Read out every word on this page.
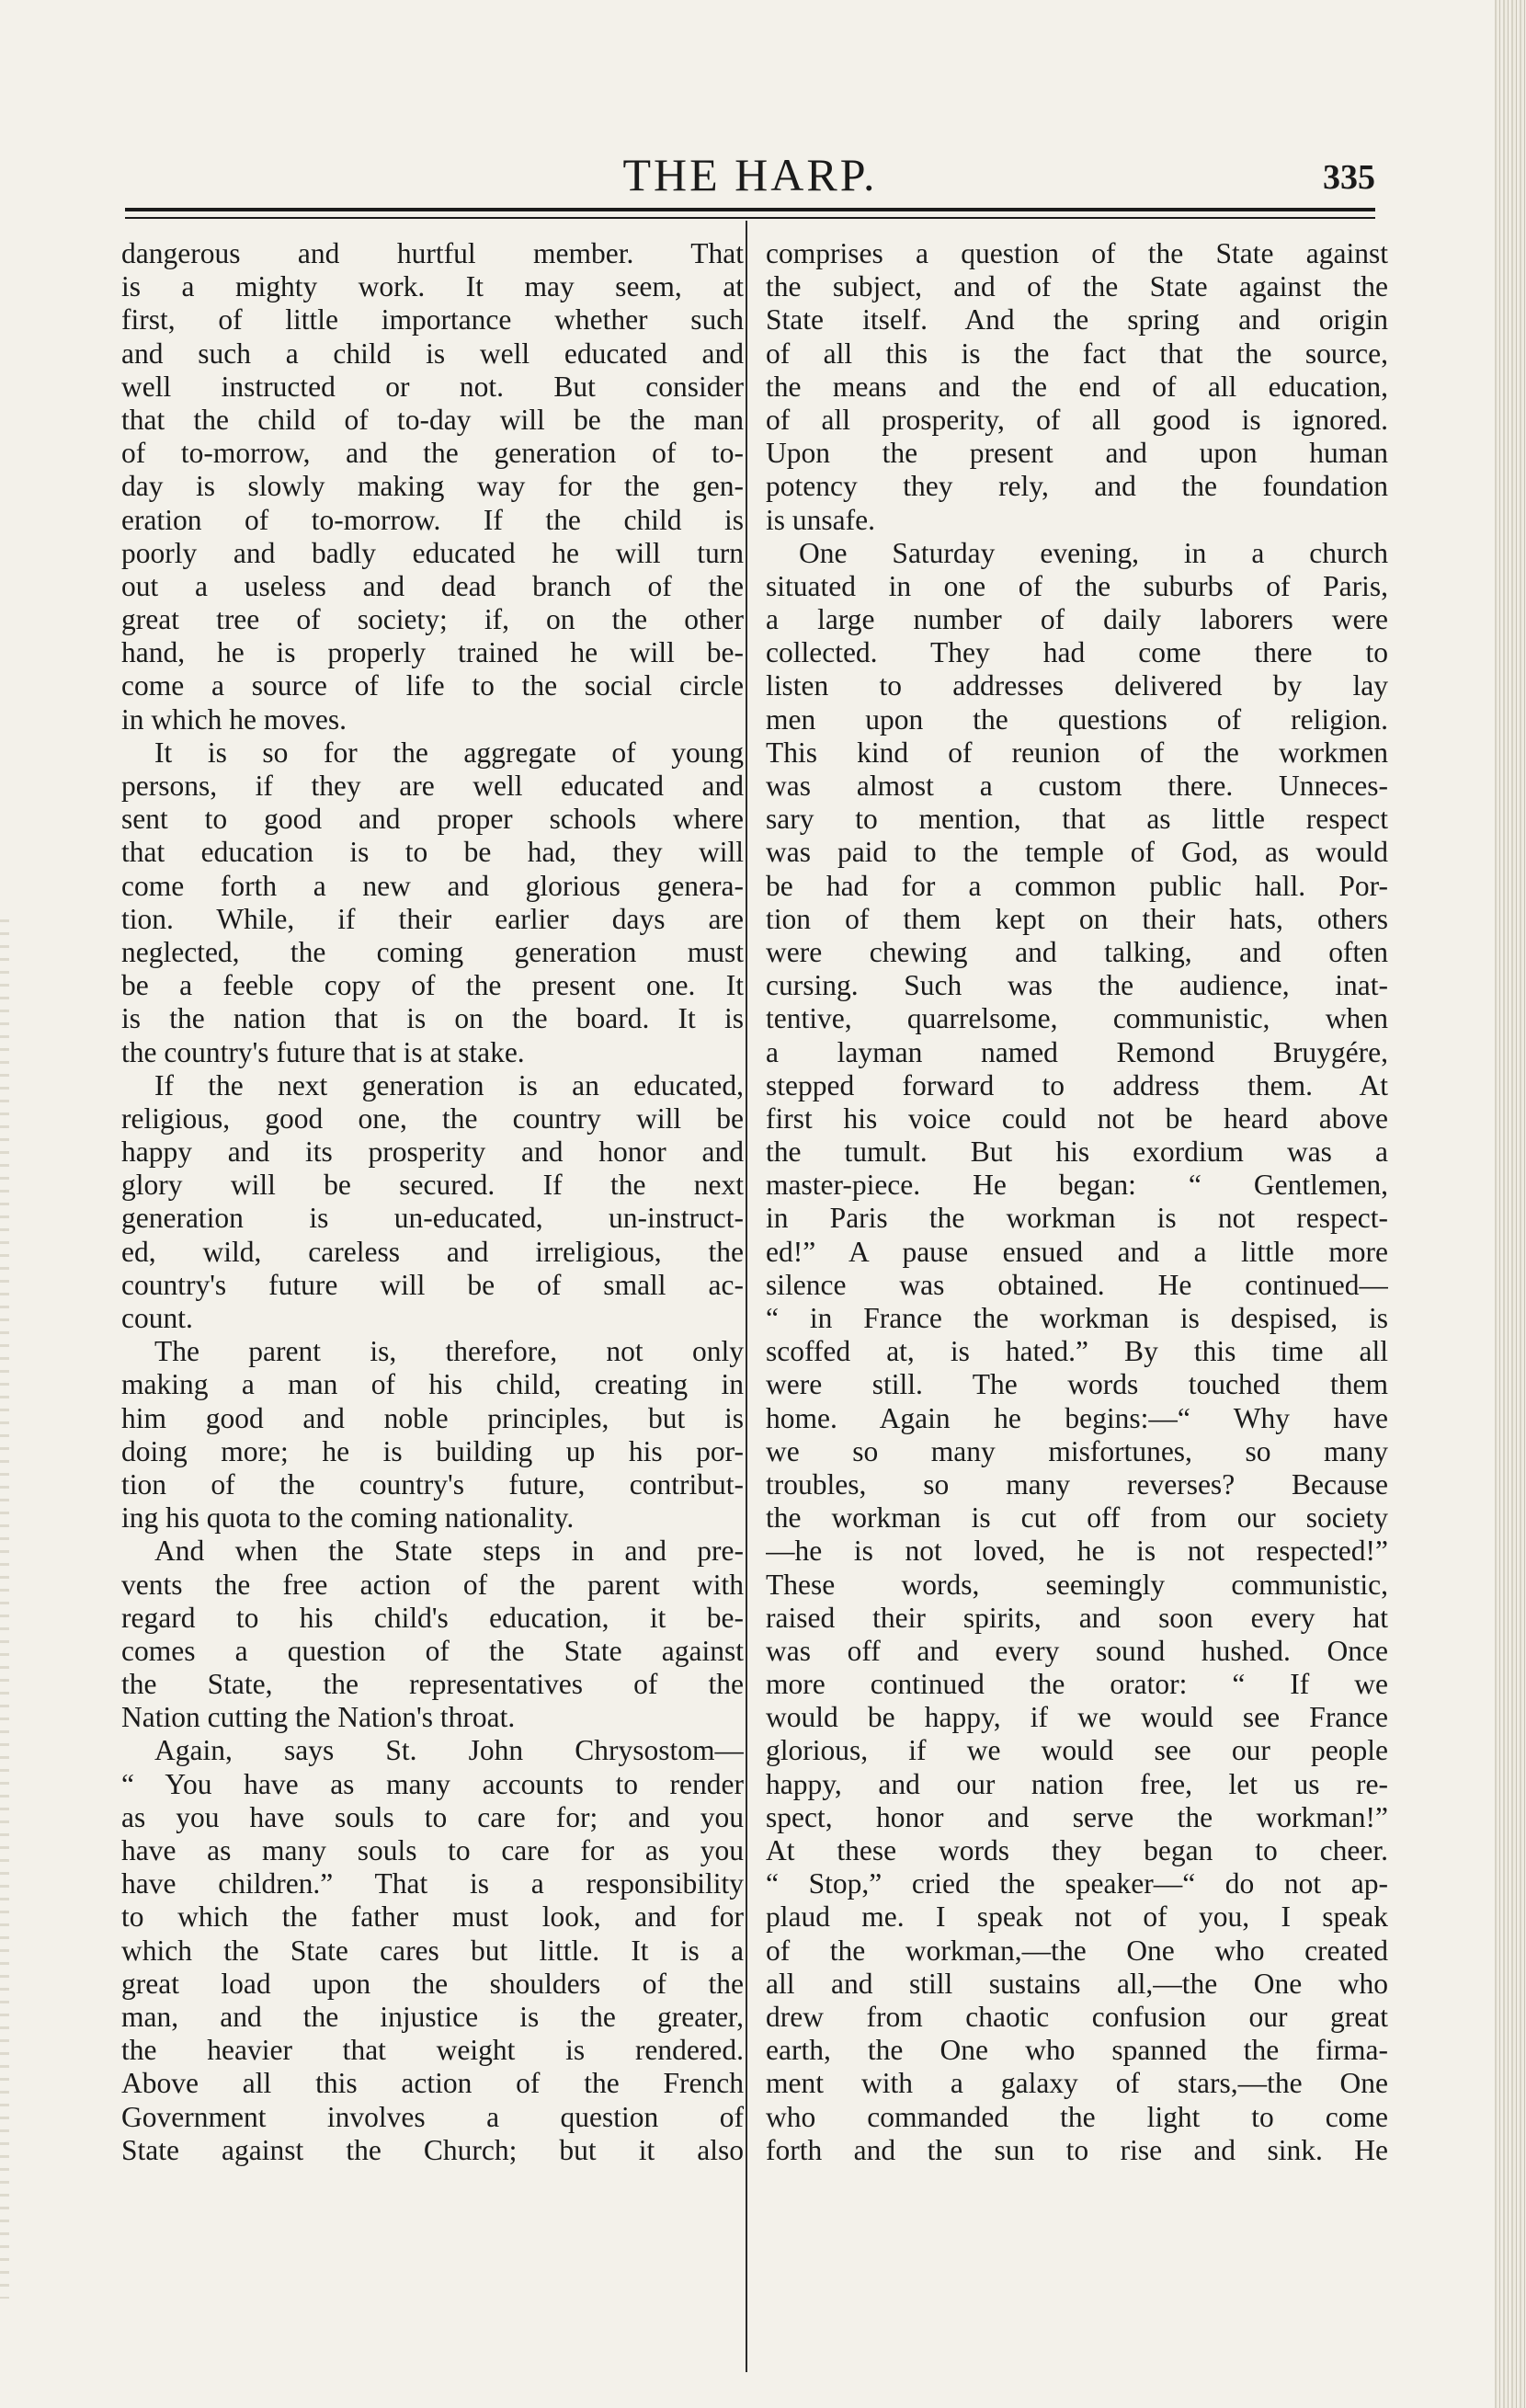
THE HARP.	335
dangerous and hurtful member. That
is a mighty work. It may seem, at
first, of little importance whether such
and such a child is well educated and
well instructed or not. But consider
that the child of to-day will be the man
of to-morrow, and the generation of to-
day is slowly making way for the gen-
eration of to-morrow. If the child is
poorly and badly educated he will turn
out a useless and dead branch of the
great tree of society; if, on the other
hand, he is properly trained he will be-
come a source of life to the social circle
in which he moves.
It is so for the aggregate of young
persons, if they are well educated and
sent to good and proper schools where
that education is to be had, they will
come forth a new and glorious genera-
tion. While, if their earlier days are
neglected, the coming generation must
be a feeble copy of the present one. It
is the nation that is on the board. It is
the country's future that is at stake.
If the next generation is an educated,
religious, good one, the country will be
happy and its prosperity and honor and
glory will be secured. If the next
generation is un-educated, un-instruct-
ed, wild, careless and irreligious, the
country's future will be of small ac-
count.
The parent is, therefore, not only
making a man of his child, creating in
him good and noble principles, but is
doing more; he is building up his por-
tion of the country's future, contribut-
ing his quota to the coming nationality.
And when the State steps in and pre-
vents the free action of the parent with
regard to his child's education, it be-
comes a question of the State against
the State, the representatives of the
Nation cutting the Nation's throat.
Again, says St. John Chrysostom—
“ You have as many accounts to render
as you have souls to care for; and you
have as many souls to care for as you
have children.” That is a responsibility
to which the father must look, and for
which the State cares but little. It is a
great load upon the shoulders of the
man, and the injustice is the greater,
the heavier that weight is rendered.
Above all this action of the French
Government involves a question of
State against the Church; but it also
comprises a question of the State against
the subject, and of the State against the
State itself. And the spring and origin
of all this is the fact that the source,
the means and the end of all education,
of all prosperity, of all good is ignored.
Upon the present and upon human
potency they rely, and the foundation
is unsafe.
One Saturday evening, in a church
situated in one of the suburbs of Paris,
a large number of daily laborers were
collected. They had come there to
listen to addresses delivered by lay
men upon the questions of religion.
This kind of reunion of the workmen
was almost a custom there. Unneces-
sary to mention, that as little respect
was paid to the temple of God, as would
be had for a common public hall. Por-
tion of them kept on their hats, others
were chewing and talking, and often
cursing. Such was the audience, inat-
tentive, quarrelsome, communistic, when
a layman named Remond Bruygére,
stepped forward to address them. At
first his voice could not be heard above
the tumult. But his exordium was a
master-piece. He began: “ Gentlemen,
in Paris the workman is not respect-
ed!” A pause ensued and a little more
silence was obtained. He continued—
“ in France the workman is despised, is
scoffed at, is hated.” By this time all
were still. The words touched them
home. Again he begins:—“ Why have
we so many misfortunes, so many
troubles, so many reverses? Because
the workman is cut off from our society
—he is not loved, he is not respected!”
These words, seemingly communistic,
raised their spirits, and soon every hat
was off and every sound hushed. Once
more continued the orator: “ If we
would be happy, if we would see France
glorious, if we would see our people
happy, and our nation free, let us re-
spect, honor and serve the workman!”
At these words they began to cheer.
“ Stop,” cried the speaker—“ do not ap-
plaud me. I speak not of you, I speak
of the workman,—the One who created
all and still sustains all,—the One who
drew from chaotic confusion our great
earth, the One who spanned the firma-
ment with a galaxy of stars,—the One
who commanded the light to come
forth and the sun to rise and sink. He
